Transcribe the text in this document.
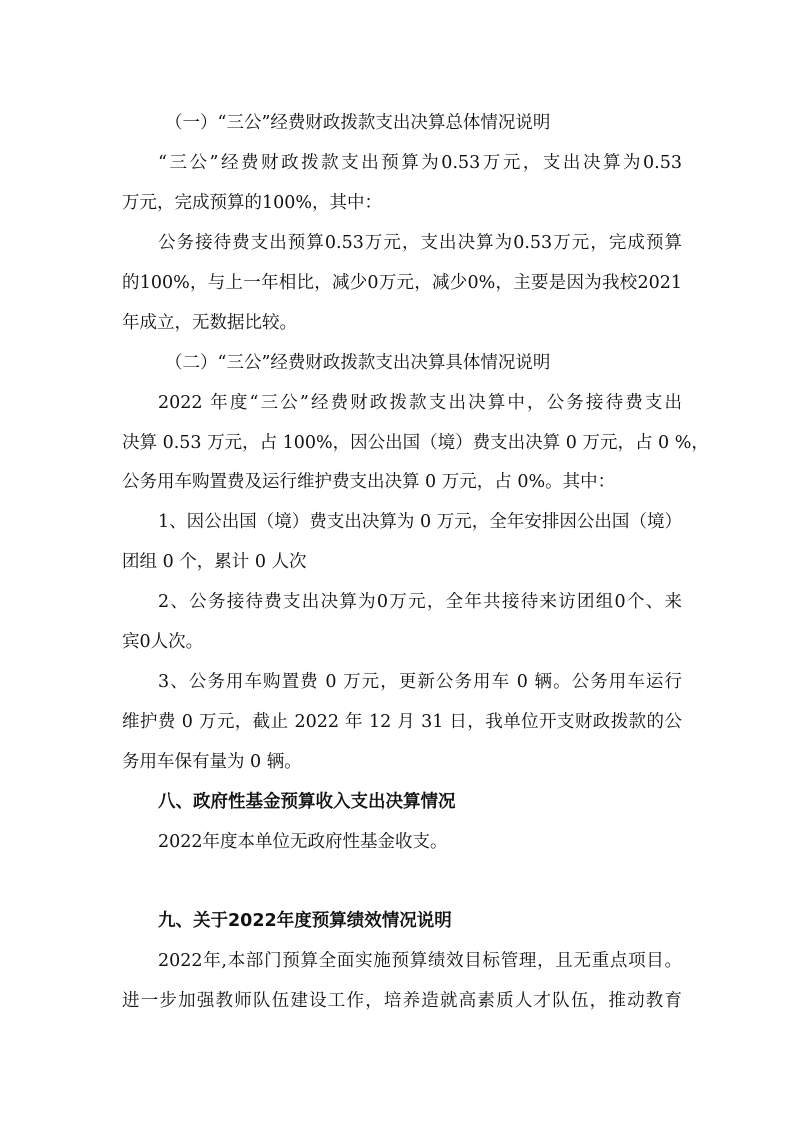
（一）“三公”经费财政拨款支出决算总体情况说明
“三公”经费财政拨款支出预算为0.53万元，支出决算为0.53
万元，完成预算的100%，其中：
公务接待费支出预算0.53万元，支出决算为0.53万元，完成预算
的100%，与上一年相比，减少0万元，减少0%，主要是因为我校2021
年成立，无数据比较。
（二）“三公”经费财政拨款支出决算具体情况说明
2022 年度“三公”经费财政拨款支出决算中，公务接待费支出
决算 0.53 万元，占 100%，因公出国（境）费支出决算 0 万元，占 0 %，
公务用车购置费及运行维护费支出决算 0 万元，占 0%。其中：
1、因公出国（境）费支出决算为 0 万元，全年安排因公出国（境）
团组 0 个，累计 0 人次
2、公务接待费支出决算为0万元，全年共接待来访团组0个、来
宾0人次。
3、公务用车购置费 0 万元，更新公务用车 0 辆。公务用车运行
维护费 0 万元，截止 2022 年 12 月 31 日，我单位开支财政拨款的公
务用车保有量为 0 辆。
八、政府性基金预算收入支出决算情况
2022年度本单位无政府性基金收支。
九、关于2022年度预算绩效情况说明
2022年,本部门预算全面实施预算绩效目标管理，且无重点项目。
进一步加强教师队伍建设工作，培养造就高素质人才队伍，推动教育
